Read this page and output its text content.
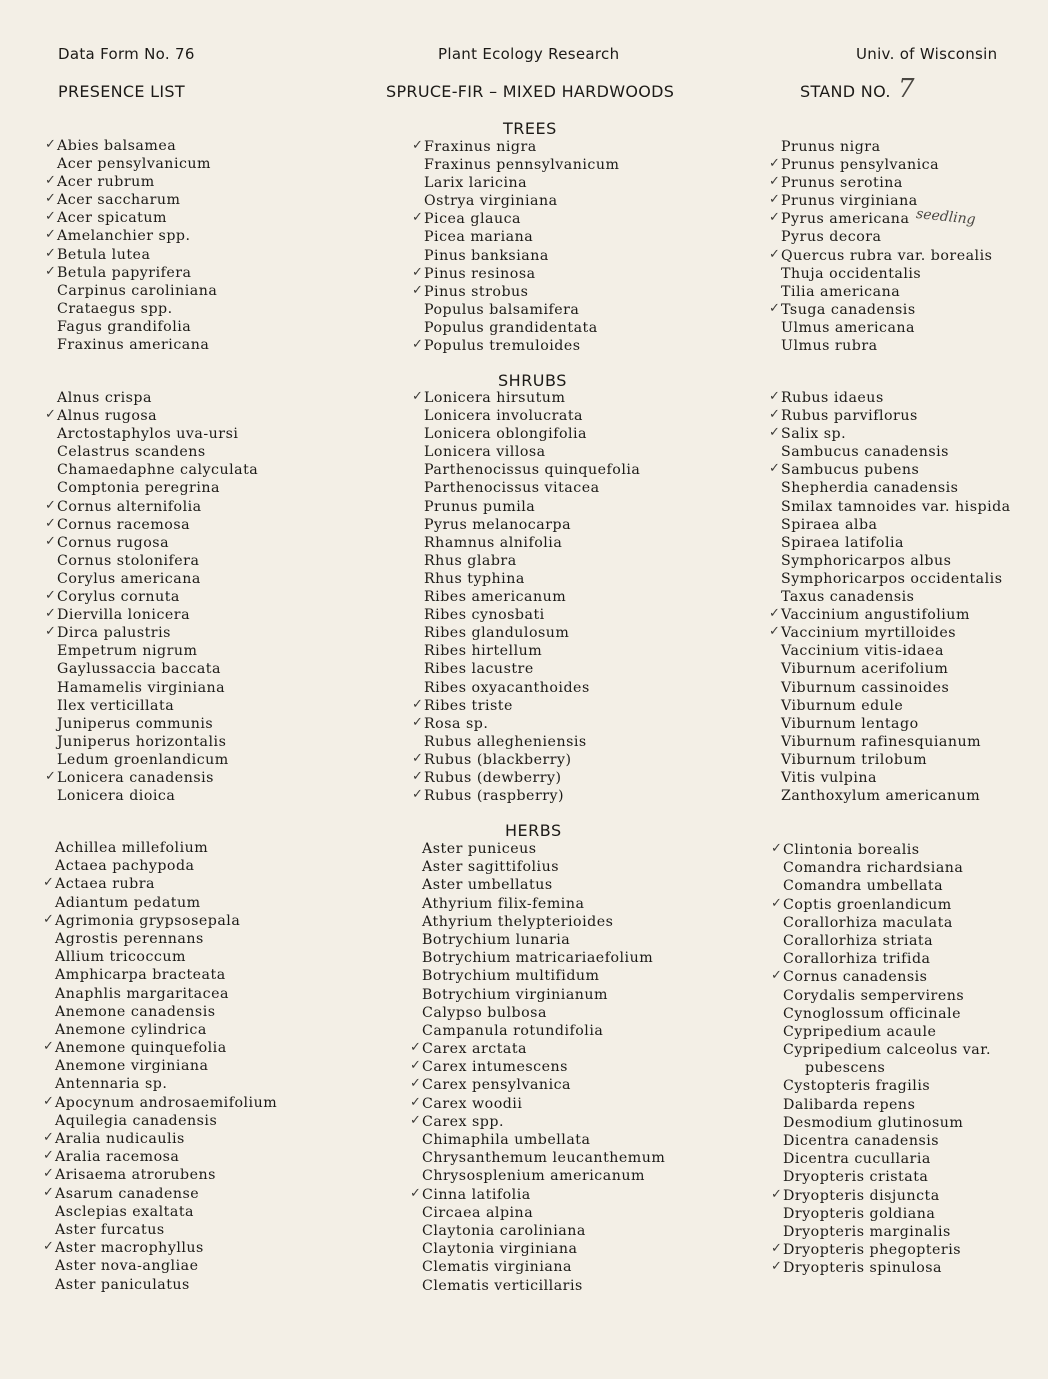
Data Form No. 76	Plant Ecology Research	Univ. of Wisconsin
PRESENCE LIST	SPRUCE-FIR – MIXED HARDWOODS	STAND NO. 7
TREES
SHRUBS
HERBS
✓ Abies balsamea
Acer pensylvanicum
✓ Acer rubrum
✓ Acer saccharum
✓ Acer spicatum
✓ Amelanchier spp.
✓ Betula lutea
✓ Betula papyrifera
Carpinus caroliniana
Crataegus spp.
Fagus grandifolia
Fraxinus americana
✓ Fraxinus nigra
Fraxinus pennsylvanicum
Larix laricina
Ostrya virginiana
✓ Picea glauca
Picea mariana
Pinus banksiana
✓ Pinus resinosa
✓ Pinus strobus
Populus balsamifera
Populus grandidentata
✓ Populus tremuloides
Prunus nigra
✓ Prunus pensylvanica
✓ Prunus serotina
✓ Prunus virginiana
✓ Pyrus americana
Pyrus decora
✓ Quercus rubra var. borealis
Thuja occidentalis
Tilia americana
✓ Tsuga canadensis
Ulmus americana
Ulmus rubra
Alnus crispa
✓ Alnus rugosa
Arctostaphylos uva-ursi
Celastrus scandens
Chamaedaphne calyculata
Comptonia peregrina
✓ Cornus alternifolia
✓ Cornus racemosa
✓ Cornus rugosa
Cornus stolonifera
Corylus americana
✓ Corylus cornuta
✓ Diervilla lonicera
✓ Dirca palustris
Empetrum nigrum
Gaylussaccia baccata
Hamamelis virginiana
Ilex verticillata
Juniperus communis
Juniperus horizontalis
Ledum groenlandicum
✓ Lonicera canadensis
Lonicera dioica
✓ Lonicera hirsutum
Lonicera involucrata
Lonicera oblongifolia
Lonicera villosa
Parthenocissus quinquefolia
Parthenocissus vitacea
Prunus pumila
Pyrus melanocarpa
Rhamnus alnifolia
Rhus glabra
Rhus typhina
Ribes americanum
Ribes cynosbati
Ribes glandulosum
Ribes hirtellum
Ribes lacustre
Ribes oxyacanthoides
✓ Ribes triste
✓ Rosa sp.
Rubus allegheniensis
✓ Rubus (blackberry)
✓ Rubus (dewberry)
✓ Rubus (raspberry)
✓ Rubus idaeus
✓ Rubus parviflorus
✓ Salix sp.
Sambucus canadensis
✓ Sambucus pubens
Shepherdia canadensis
Smilax tamnoides var. hispida
Spiraea alba
Spiraea latifolia
Symphoricarpos albus
Symphoricarpos occidentalis
Taxus canadensis
✓ Vaccinium angustifolium
✓ Vaccinium myrtilloides
Vaccinium vitis-idaea
Viburnum acerifolium
Viburnum cassinoides
Viburnum edule
Viburnum lentago
Viburnum rafinesquianum
Viburnum trilobum
Vitis vulpina
Zanthoxylum americanum
Achillea millefolium
Actaea pachypoda
✓ Actaea rubra
Adiantum pedatum
✓ Agrimonia grypsosepala
Agrostis perennans
Allium tricoccum
Amphicarpa bracteata
Anaphlis margaritacea
Anemone canadensis
Anemone cylindrica
✓ Anemone quinquefolia
Anemone virginiana
Antennaria sp.
✓ Apocynum androsaemifolium
Aquilegia canadensis
✓ Aralia nudicaulis
✓ Aralia racemosa
✓ Arisaema atrorubens
✓ Asarum canadense
Asclepias exaltata
Aster furcatus
✓ Aster macrophyllus
Aster nova-angliae
Aster paniculatus
Aster puniceus
Aster sagittifolius
Aster umbellatus
Athyrium filix-femina
Athyrium thelypterioides
Botrychium lunaria
Botrychium matricariaefolium
Botrychium multifidum
Botrychium virginianum
Calypso bulbosa
Campanula rotundifolia
✓ Carex arctata
✓ Carex intumescens
✓ Carex pensylvanica
✓ Carex woodii
✓ Carex spp.
Chimaphila umbellata
Chrysanthemum leucanthemum
Chrysosplenium americanum
✓ Cinna latifolia
Circaea alpina
Claytonia caroliniana
Claytonia virginiana
Clematis virginiana
Clematis verticillaris
✓ Clintonia borealis
Comandra richardsiana
Comandra umbellata
✓ Coptis groenlandicum
Corallorhiza maculata
Corallorhiza striata
Corallorhiza trifida
✓ Cornus canadensis
Corydalis sempervirens
Cynoglossum officinale
Cypripedium acaule
Cypripedium calceolus var.
pubescens
Cystopteris fragilis
Dalibarda repens
Desmodium glutinosum
Dicentra canadensis
Dicentra cucullaria
Dryopteris cristata
✓ Dryopteris disjuncta
Dryopteris goldiana
Dryopteris marginalis
✓ Dryopteris phegopteris
✓ Dryopteris spinulosa
seedling
